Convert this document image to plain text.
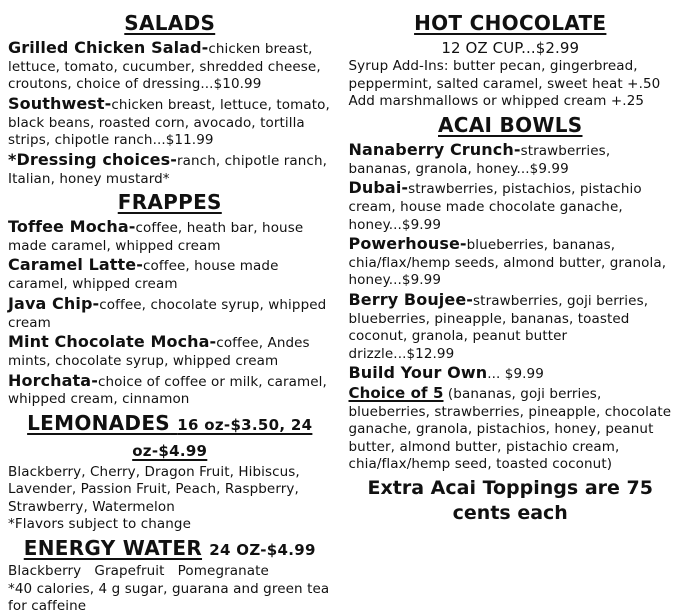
SALADS

Grilled Chicken Salad-chicken breast, lettuce, tomato, cucumber, shredded cheese, croutons, choice of dressing...$10.99

Southwest-chicken breast, lettuce, tomato, black beans, roasted corn, avocado, tortilla strips, chipotle ranch...$11.99

*Dressing choices-ranch, chipotle ranch, Italian, honey mustard*

FRAPPES

Toffee Mocha-coffee, heath bar, house made caramel, whipped cream

Caramel Latte-coffee, house made caramel, whipped cream

Java Chip-coffee, chocolate syrup, whipped cream

Mint Chocolate Mocha-coffee, Andes mints, chocolate syrup, whipped cream

Horchata-choice of coffee or milk, caramel, whipped cream, cinnamon

LEMONADES 16 oz-$3.50, 24 oz-$4.99

Blackberry, Cherry, Dragon Fruit, Hibiscus, Lavender, Passion Fruit, Peach, Raspberry, Strawberry, Watermelon

*Flavors subject to change

ENERGY WATER 24 OZ-$4.99

Blackberry   Grapefruit   Pomegranate

*40 calories, 4 g sugar, guarana and green tea for caffeine

HOT CHOCOLATE

12 OZ CUP...$2.99

Syrup Add-Ins: butter pecan, gingerbread, peppermint, salted caramel, sweet heat +.50

Add marshmallows or whipped cream +.25

ACAI BOWLS

Nanaberry Crunch-strawberries, bananas, granola, honey...$9.99

Dubai-strawberries, pistachios, pistachio cream, house made chocolate ganache, honey...$9.99

Powerhouse-blueberries, bananas, chia/flax/hemp seeds, almond butter, granola, honey...$9.99

Berry Boujee-strawberries, goji berries, blueberries, pineapple, bananas, toasted coconut, granola, peanut butter drizzle...$12.99

Build Your Own... $9.99

Choice of 5 (bananas, goji berries, blueberries, strawberries, pineapple, chocolate ganache, granola, pistachios, honey, peanut butter, almond butter, pistachio cream, chia/flax/hemp seed, toasted coconut)

Extra Acai Toppings are 75 cents each
